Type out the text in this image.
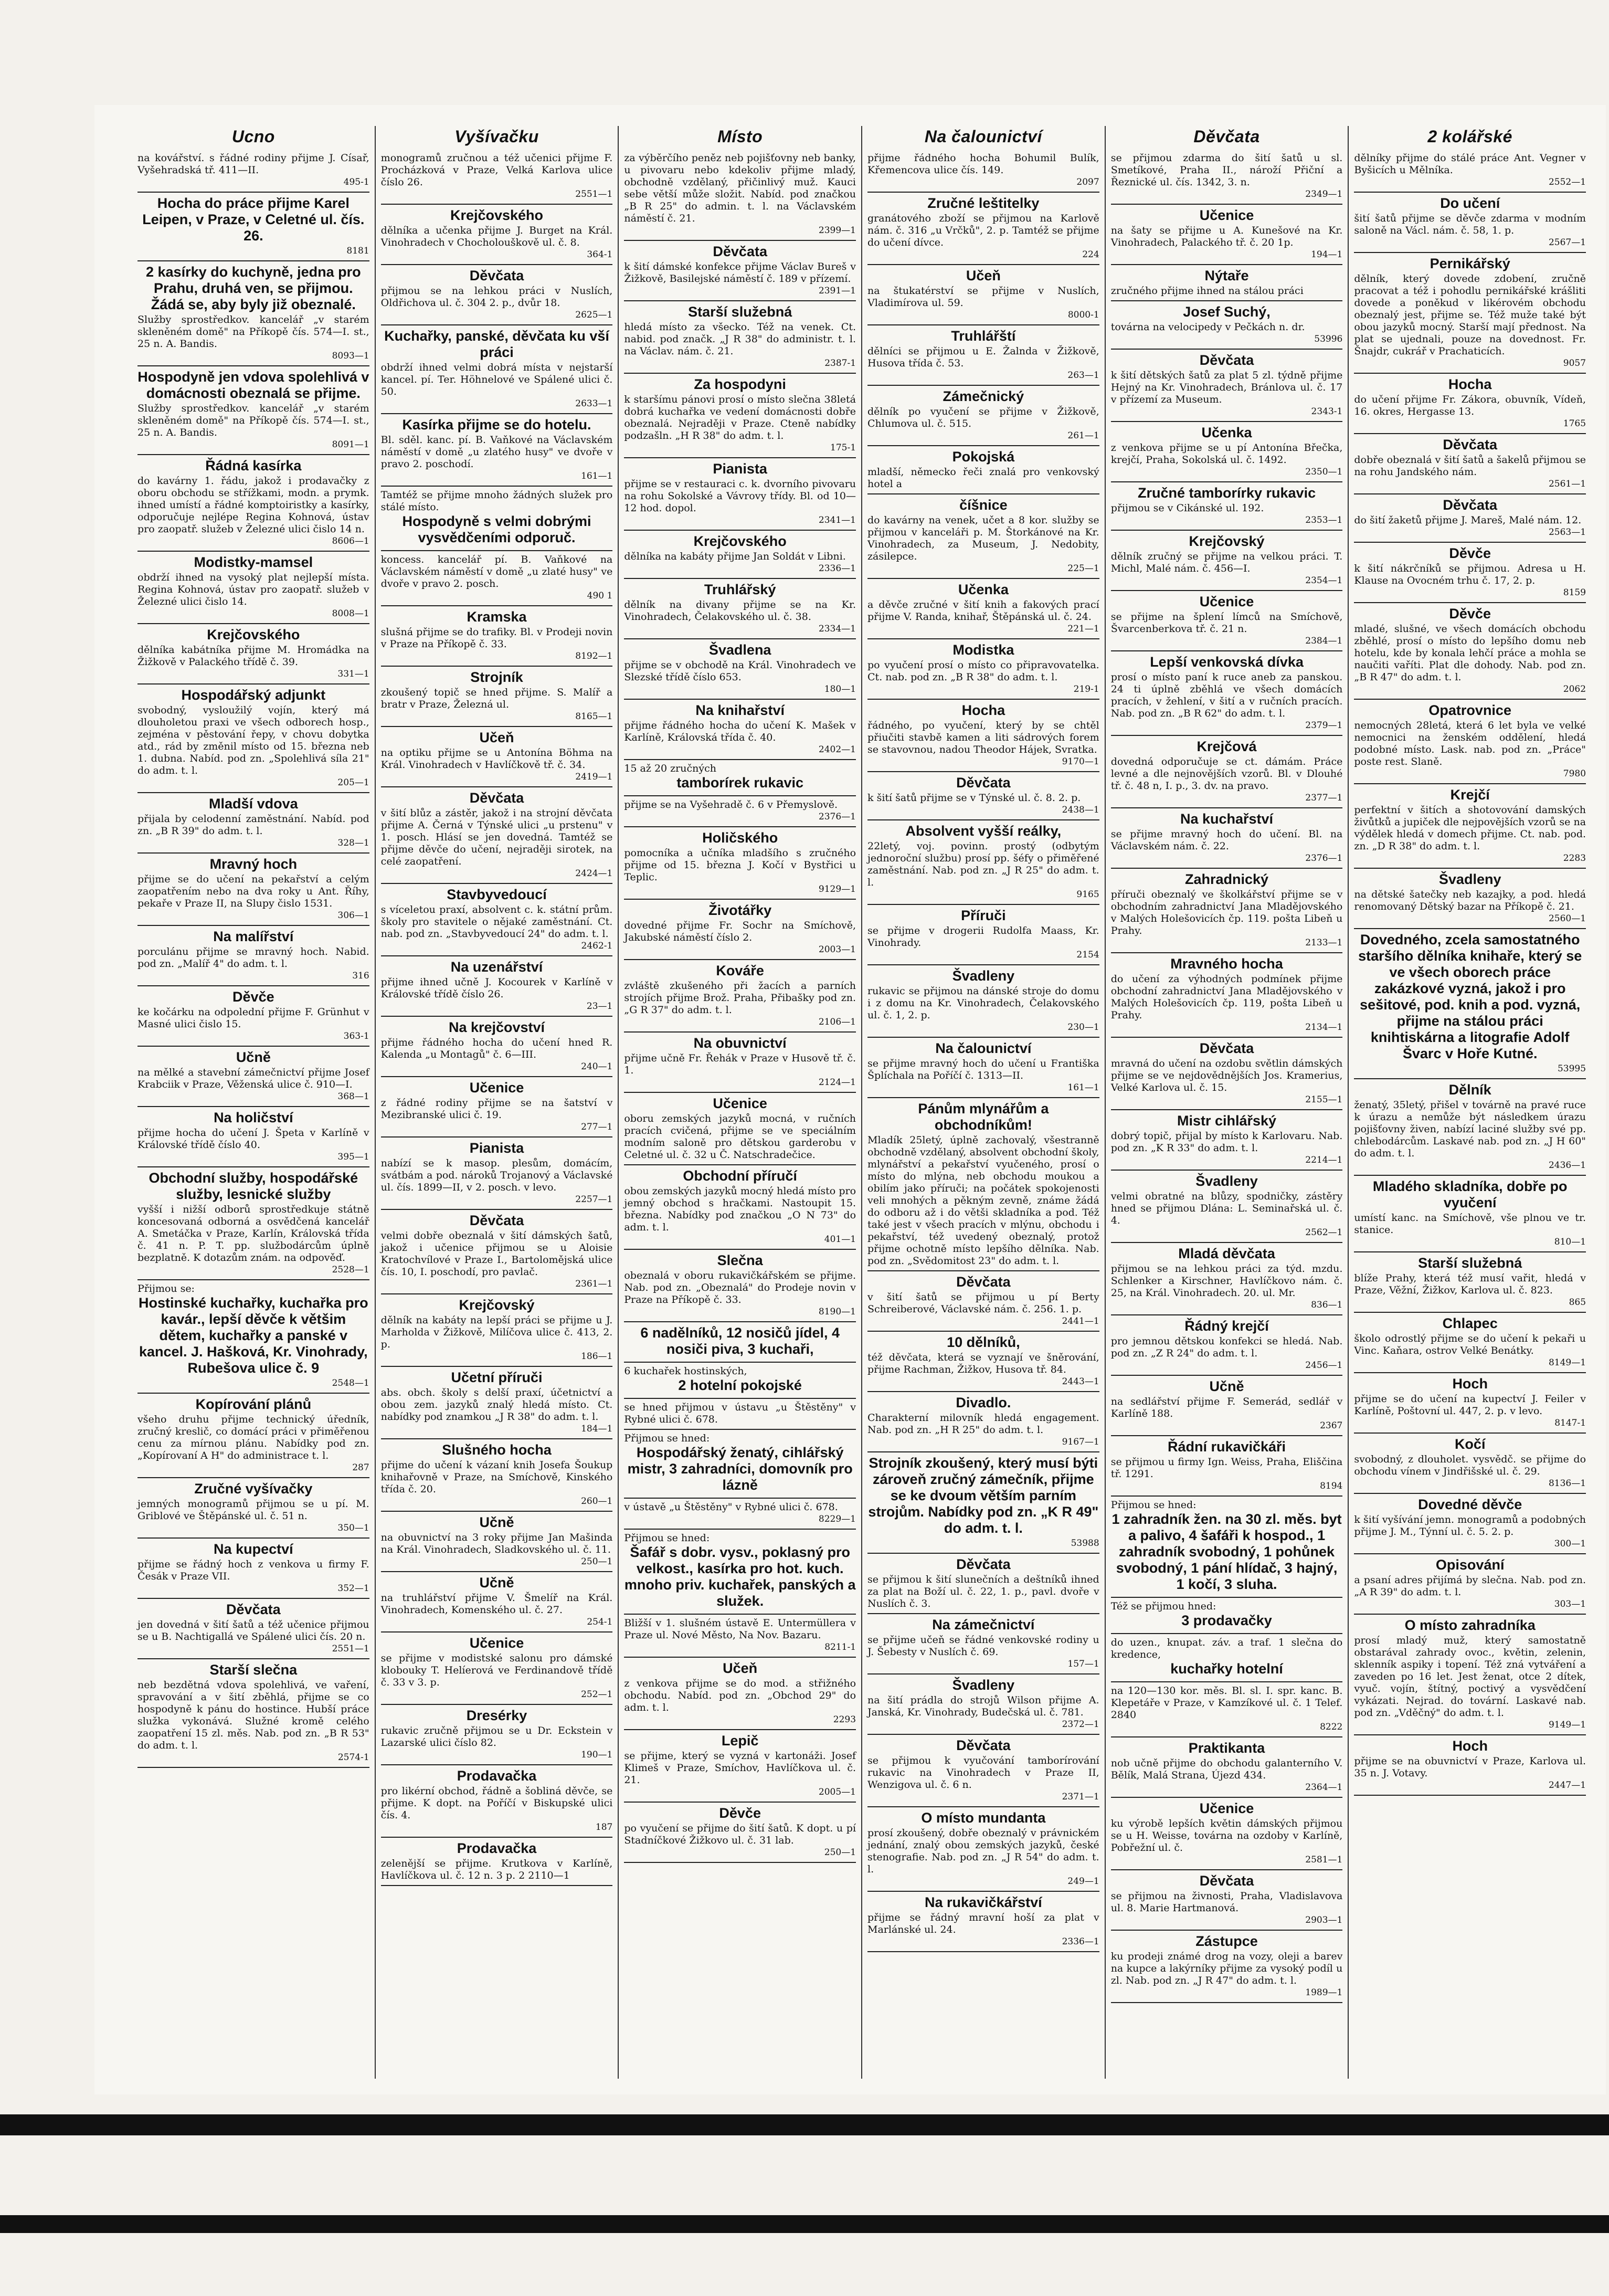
Ucno
na kovářství. s řádné rodiny přijme J. Císař, Vyšehradská tř. 411—II.
495-1
Hocha do práce přijme Karel Leipen, v Praze, v Celetné ul. čís. 26.
8181
2 kasírky do kuchyně, jedna pro Prahu, druhá ven, se přijmou. Žádá se, aby byly již obeznalé.
Služby sprostředkov. kancelář „v starém skleněném domě" na Příkopě čís. 574—I. st., 25 n. A. Bandis.
8093—1
Hospodyně jen vdova spolehlivá v domácnosti obeznalá se přijme.
Služby sprostředkov. kancelář „v starém skleněném domě" na Příkopě čís. 574—I. st., 25 n. A. Bandis.
8091—1
Řádná kasírka
do kavárny 1. řádu, jakož i prodavačky z oboru obchodu se střížkami, modn. a prymk. ihned umístí a řádné komptoiristky a kasírky, odporučuje nejlépe Regina Kohnová, ústav pro zaopatř. služeb v Železné ulici čislo 14 n.
8606—1
Modistky-mamsel
obdrží ihned na vysoký plat nejlepší místa. Regina Kohnová, ústav pro zaopatř. služeb v Železné ulici čislo 14.
8008—1
Krejčovského
dělníka kabátníka přijme M. Hromádka na Žižkově v Palackého třídě č. 39.
331—1
Hospodářský adjunkt
svobodný, vysloužilý vojín, který má dlouholetou praxi ve všech odborech hosp., zejména v pěstování řepy, v chovu dobytka atd., rád by změnil místo od 15. března neb 1. dubna. Nabíd. pod zn. „Spolehlivá síla 21" do adm. t. l.
205—1
Mladší vdova
přijala by celodenní zaměstnání. Nabíd. pod zn. „B R 39" do adm. t. l.
328—1
Mravný hoch
přijme se do učení na pekařství a celým zaopatřením nebo na dva roky u Ant. Říhy, pekaře v Praze II, na Slupy čislo 1531.
306—1
Na malířství
porculánu přijme se mravný hoch. Nabid. pod zn. „Malíř 4" do adm. t. l.
316
Děvče
ke kočárku na odpolední přijme F. Grünhut v Masné ulici čislo 15.
363-1
Učně
na mělké a stavební zámečnictví přijme Josef Krabciik v Praze, Věženská ulice č. 910—I.
368—1
Na holičství
přijme hocha do učení J. Špeta v Karlíně v Královské třídě číslo 40.
395—1
Obchodní služby, hospodářské služby, lesnické služby
vyšší i nižší odborů sprostředkuje státně koncesovaná odborná a osvědčená kancelář A. Smetáčka v Praze, Karlín, Královská třída č. 41 n. P. T. pp. službodárcům úplně bezplatně. K dotazům znám. na odpověď.
2528—1
Přijmou se:
Hostinské kuchařky, kuchařka pro kavár., lepší děvče k většim dětem, kuchařky a panské v kancel. J. Hašková, Kr. Vinohrady, Rubešova ulice č. 9
2548—1
Kopírování plánů
všeho druhu přijme technický úředník, zručný kreslič, co domácí práci v přiměřenou cenu za mírnou plánu. Nabídky pod zn. „Kopírovaní A H" do administrace t. l.
287
Zručné vyšívačky
jemných monogramů přijmou se u pí. M. Griblové ve Štěpánské ul. č. 51 n.
350—1
Na kupectví
přijme se řádný hoch z venkova u firmy F. Česák v Praze VII.
352—1
Děvčata
jen dovedná v šití šatů a též učenice přijmou se u B. Nachtigallá ve Spálené ulici čís. 20 n.
2551—1
Starší slečna
neb bezdětná vdova spolehlivá, ve vaření, spravování a v šití zběhlá, přijme se co hospodyně k pánu do hostince. Hubší práce služka vykonává. Služné kromě celého zaopatření 15 zl. měs. Nab. pod zn. „B R 53" do adm. t. l.
2574-1
Vyšívačku
monogramů zručnou a též učenici přijme F. Procházková v Praze, Velká Karlova ulice číslo 26.
2551—1
Krejčovského
dělníka a učenka přijme J. Burget na Král. Vinohradech v Chocholouškově ul. č. 8.
364-1
Děvčata
přijmou se na lehkou práci v Nuslích, Oldřichova ul. č. 304 2. p., dvůr 18.
2625—1
Kuchařky, panské, děvčata ku vší práci
obdrží ihned velmi dobrá místa v nejstarší kancel. pí. Ter. Höhnelové ve Spálené ulici č. 50.
2633—1
Kasírka přijme se do hotelu.
Bl. sděl. kanc. pí. B. Vaňkové na Václavském náměstí v domě „u zlatého husy" ve dvoře v pravo 2. poschodí.
161—1
Tamtéž se přijme mnoho žádných služek pro stálé místo.
Hospodyně s velmi dobrými vysvědčeními odporuč.
koncess. kancelář pí. B. Vaňkové na Václavském náměstí v domě „u zlaté husy" ve dvoře v pravo 2. posch.
490 1
Kramska
slušná přijme se do trafiky. Bl. v Prodeji novin v Praze na Příkopě č. 33.
8192—1
Strojník
zkoušený topič se hned přijme. S. Malíř a bratr v Praze, Železná ul.
8165—1
Učeň
na optiku přijme se u Antonína Böhma na Král. Vinohradech v Havlíčkově tř. č. 34.
2419—1
Děvčata
v šití blůz a zástěr, jakož i na strojní děvčata přijme A. Černá v Týnské ulici „u prstenu" v 1. posch. Hlásí se jen dovedná. Tamtéž se přijme děvče do učení, nejraději sirotek, na celé zaopatření.
2424—1
Stavbyvedoucí
s víceletou praxí, absolvent c. k. státní prům. školy pro stavitele o nějaké zaměstnání. Ct. nab. pod zn. „Stavbyvedoucí 24" do adm. t. l.
2462-1
Na uzenářství
přijme ihned učně J. Kocourek v Karlíně v Královské třídě číslo 26.
23—1
Na krejčovství
přijme řádného hocha do učení hned R. Kalenda „u Montagů" č. 6—III.
240—1
Učenice
z řádné rodiny přijme se na šatství v Mezibranské ulici č. 19.
277—1
Pianista
nabízí se k masop. plesům, domácím, svátbám a pod. nároků Trojanový a Václavské ul. čís. 1899—II, v 2. posch. v levo.
2257—1
Děvčata
velmi dobře obeznalá v šití dámských šatů, jakož i učenice přijmou se u Aloisie Kratochvílové v Praze I., Bartolomějská ulice čís. 10, I. poschodí, pro pavlač.
2361—1
Krejčovský
dělník na kabáty na lepší práci se přijme u J. Marholda v Žižkově, Milíčova ulice č. 413, 2. p.
186—1
Učetní příruči
abs. obch. školy s delší praxí, účetnictví a obou zem. jazyků znalý hledá místo. Ct. nabídky pod znamkou „J R 38" do adm. t. l.
184—1
Slušného hocha
přijme do učení k vázaní knih Josefa Šoukup knihařovně v Praze, na Smíchově, Kinského třída č. 20.
260—1
Učně
na obuvnictví na 3 roky přijme Jan Mašinda na Král. Vinohradech, Sladkovského ul. č. 11.
250—1
Učně
na truhlářství přijme V. Šmelíř na Král. Vinohradech, Komenského ul. č. 27.
254-1
Učenice
se přijme v modistské salonu pro dámské klobouky T. Helíerová ve Ferdinandově třídě č. 33 v 3. p.
252—1
Dresérky
rukavic zručně přijmou se u Dr. Eckstein v Lazarské ulici číslo 82.
190—1
Prodavačka
pro likérní obchod, řádně a šobliná děvče, se přijme. K dopt. na Poříčí v Biskupské ulici čís. 4.
187
Prodavačka
zelenější se přijme. Krutkova v Karlíně, Havlíčkova ul. č. 12 n. 3 p. 2 2110—1
Místo
za výběrčího peněz neb pojišťovny neb banky, u pivovaru nebo kdekoliv přijme mladý, obchodně vzdělaný, přičinlivý muž. Kauci sebe větší může složit. Nabíd. pod značkou „B R 25" do admin. t. l. na Václavském náměstí č. 21.
2399—1
Děvčata
k šití dámské konfekce přijme Václav Bureš v Žižkově, Basilejské náměstí č. 189 v přízemí.
2391—1
Starší služebná
hledá místo za všecko. Též na venek. Ct. nabid. pod značk. „J R 38" do administr. t. l. na Václav. nám. č. 21.
2387-1
Za hospodyni
k staršímu pánovi prosí o místo slečna 38letá dobrá kuchařka ve vedení domácnosti dobře obeznalá. Nejraději v Praze. Cteně nabídky podzašln. „H R 38" do adm. t. l.
175-1
Pianista
přijme se v restauraci c. k. dvorního pivovaru na rohu Sokolské a Vávrovy třídy. Bl. od 10—12 hod. dopol.
2341—1
Krejčovského
dělníka na kabáty přijme Jan Soldát v Libni.
2336—1
Truhlářský
dělník na divany přijme se na Kr. Vinohradech, Čelakovského ul. č. 38.
2334—1
Švadlena
přijme se v obchodě na Král. Vinohradech ve Slezské třídě číslo 653.
180—1
Na knihařství
přijme řádného hocha do učení K. Mašek v Karlíně, Královská třída č. 40.
2402—1
15 až 20 zručných
tamborírek rukavic
přijme se na Vyšehradě č. 6 v Přemyslově.
2376—1
Holičského
pomocníka a učníka mladšího s zručného přijme od 15. března J. Kočí v Bystřici u Teplic.
9129—1
Životářky
dovedné přijme Fr. Sochr na Smíchově, Jakubské náměstí číslo 2.
2003—1
Kováře
zvláště zkušeného při žacích a parních strojích přijme Brož. Praha, Přibašky pod zn. „G R 37" do adm. t. l.
2106—1
Na obuvnictví
přijme učně Fr. Řehák v Praze v Husově tř. č. 1.
2124—1
Učenice
oboru zemských jazyků mocná, v ručních pracích cvičená, přijme se ve speciálním modním saloně pro dětskou garderobu v Celetné ul. č. 32 u Č. Natschradečice.
Obchodní příručí
obou zemských jazyků mocný hledá místo pro jemný obchod s hračkami. Nastoupit 15. března. Nabídky pod značkou „O N 73" do adm. t. l.
401—1
Slečna
obeznalá v oboru rukavičkářském se přijme. Nab. pod zn. „Obeznalá" do Prodeje novin v Praze na Příkopě č. 33.
8190—1
6 nadělníků, 12 nosičů jídel, 4 nosiči piva, 3 kuchaři,
6 kuchařek hostinských,
2 hotelní pokojské
se hned přijmou v ústavu „u Štěstěny" v Rybné ulici č. 678.
Přijmou se hned:
Hospodářský ženatý, cihlářský mistr, 3 zahradníci, domovník pro lázně
v ústavě „u Štěstěny" v Rybné ulici č. 678.
8229—1
Přijmou se hned:
Šafář s dobr. vysv., poklasný pro velkost., kasírka pro hot. kuch. mnoho priv. kuchařek, panských a služek.
Bližší v 1. slušném ústavě E. Untermüllera v Praze ul. Nové Město, Na Nov. Bazaru.
8211-1
Učeň
z venkova přijme se do mod. a střižného obchodu. Nabíd. pod zn. „Obchod 29" do adm. t. l.
2293
Lepič
se přijme, který se vyzná v kartonáži. Josef Klimeš v Praze, Smíchov, Havlíčkova ul. č. 21.
2005—1
Děvče
po vyučení se přijme do šití šatů. K dopt. u pí Stadníčkové Žižkovo ul. č. 31 lab.
250—1
Na čalounictví
přijme řádného hocha Bohumil Bulík, Křemencova ulice čís. 149.
2097
Zručné leštitelky
granátového zboží se přijmou na Karlově nám. č. 316 „u Vrčků", 2. p. Tamtéž se přijme do učení dívce.
224
Učeň
na štukatérství se přijme v Nuslích, Vladimírova ul. 59.
8000-1
Truhlářští
dělníci se přijmou u E. Žalnda v Žižkově, Husova třída č. 53.
263—1
Zámečnický
dělník po vyučení se přijme v Žižkově, Chlumova ul. č. 515.
261—1
Pokojská
mladší, německo řeči znalá pro venkovský hotel a
číšnice
do kavárny na venek, učet a 8 kor. služby se přijmou v kanceláři p. M. Štorkánové na Kr. Vinohradech, za Museum, J. Nedobity, zásilepce.
225—1
Učenka
a děvče zručné v šití knih a fakových prací přijme V. Randa, knihař, Štěpánská ul. č. 24.
221—1
Modistka
po vyučení prosí o místo co připravovatelka. Ct. nab. pod zn. „B R 38" do adm. t. l.
219-1
Hocha
řádného, po vyučení, který by se chtěl přiučiti stavbě kamen a liti sádrových forem se stavovnou, nadou Theodor Hájek, Svratka.
9170—1
Děvčata
k šití šatů přijme se v Týnské ul. č. 8. 2. p.
2438—1
Absolvent vyšší reálky,
22letý, voj. povinn. prostý (odbytým jednoroční službu) prosí pp. šéfy o přiměřené zaměstnání. Nab. pod zn. „J R 25" do adm. t. l.
9165
Příruči
se přijme v drogerii Rudolfa Maass, Kr. Vinohrady.
2154
Švadleny
rukavic se přijmou na dánské stroje do domu i z domu na Kr. Vinohradech, Čelakovského ul. č. 1, 2. p.
230—1
Na čalounictví
se přijme mravný hoch do učení u Františka Šplíchala na Poříčí č. 1313—II.
161—1
Pánům mlynářům a obchodníkům!
Mladík 25letý, úplně zachovalý, všestranně obchodně vzdělaný, absolvent obchodní školy, mlynářství a pekařství vyučeného, prosí o místo do mlýna, neb obchodu moukou a obilím jako příruči; na počátek spokojenosti veli mnohých a pěkným zevně, známe žádá do odboru až i do větši skladníka a pod. Též také jest v všech pracích v mlýnu, obchodu i pekařství, též uvedený obeznalý, protož přijme ochotně místo lepšího dělníka. Nab. pod zn. „Svědomitost 23" do adm. t. l.
Děvčata
v šití šatů se přijmou u pí Berty Schreiberové, Václavské nám. č. 256. 1. p.
2441—1
10 dělníků,
též děvčata, která se vyznají ve šněrování, přijme Rachman, Žižkov, Husova tř. 84.
2443—1
Divadlo.
Charakterní milovník hledá engagement. Nab. pod zn. „H R 25" do adm. t. l.
9167—1
Strojník zkoušený, který musí býti zároveň zručný zámečník, přijme se ke dvoum větším parním strojům. Nabídky pod zn. „K R 49" do adm. t. l.
53988
Děvčata
se přijmou k šití slunečních a deštníků ihned za plat na Boží ul. č. 22, 1. p., pavl. dvoře v Nuslích č. 3.
Na zámečnictví
se přijme učeň se řádné venkovské rodiny u J. Šebesty v Nuslích č. 69.
157—1
Švadleny
na šití prádla do strojů Wilson přijme A. Janská, Kr. Vinohrady, Budečská ul. č. 781.
2372—1
Děvčata
se přijmou k vyučování tamborírování rukavic na Vinohradech v Praze II, Wenzigova ul. č. 6 n.
2371—1
O místo mundanta
prosí zkoušený, dobře obeznalý v právnickém jednání, znalý obou zemských jazyků, české stenografie. Nab. pod zn. „J R 54" do adm. t. l.
249—1
Na rukavičkářství
přijme se řádný mravní hoší za plat v Marlánské ul. 24.
2336—1
Děvčata
se přijmou zdarma do šití šatů u sl. Smetíkové, Praha II., nároží Přiční a Řeznické ul. čís. 1342, 3. n.
2349—1
Učenice
na šaty se přijme u A. Kunešové na Kr. Vinohradech, Palackého tř. č. 20 1p.
194—1
Nýtaře
zručného přijme ihned na stálou práci
Josef Suchý,
továrna na velocipedy v Pečkách n. dr.
53996
Děvčata
k šití dětských šatů za plat 5 zl. týdně přijme Hejný na Kr. Vinohradech, Bránlova ul. č. 17 v přízemí za Museum.
2343-1
Učenka
z venkova přijme se u pí Antonína Břečka, krejčí, Praha, Sokolská ul. č. 1492.
2350—1
Zručné tamborírky rukavic
přijmou se v Cikánské ul. 192.
2353—1
Krejčovský
dělník zručný se přijme na velkou práci. T. Michl, Malé nám. č. 456—I.
2354—1
Učenice
se přijme na šplení límců na Smíchově, Švarcenberkova tř. č. 21 n.
2384—1
Lepší venkovská dívka
prosí o místo paní k ruce aneb za panskou. 24 ti úplně zběhlá ve všech domácích pracích, v žehlení, v šití a v ručních pracích. Nab. pod zn. „B R 62" do adm. t. l.
2379—1
Krejčová
dovedná odporučuje se ct. dámám. Práce levné a dle nejnovějších vzorů. Bl. v Dlouhé tř. č. 48 n, I. p., 3. dv. na pravo.
2377—1
Na kuchařství
se přijme mravný hoch do učení. Bl. na Václavském nám. č. 22.
2376—1
Zahradnický
příruči obeznalý ve školkářství přijme se v obchodním zahradnictví Jana Mladějovského v Malých Holešovicích čp. 119. pošta Libeň u Prahy.
2133—1
Mravného hocha
do učení za výhodných podmínek přijme obchodní zahradnictví Jana Mladějovského v Malých Holešovicích čp. 119, pošta Libeň u Prahy.
2134—1
Děvčata
mravná do učení na ozdobu světlin dámských přijme se ve nejdovědnějších Jos. Kramerius, Velké Karlova ul. č. 15.
2155—1
Mistr cihlářský
dobrý topič, přijal by místo k Karlovaru. Nab. pod zn. „K R 33" do adm. t. l.
2214—1
Švadleny
velmi obratné na blůzy, spodničky, zástěry hned se přijmou Dlána: L. Seminařská ul. č. 4.
2562—1
Mladá děvčata
přijmou se na lehkou práci za týd. mzdu. Schlenker a Kirschner, Havlíčkovo nám. č. 25, na Král. Vinohradech. 20. ul. Mr.
836—1
Řádný krejčí
pro jemnou dětskou konfekci se hledá. Nab. pod zn. „Z R 24" do adm. t. l.
2456—1
Učně
na sedlářství přijme F. Semerád, sedlář v Karlíně 188.
2367
Řádní rukavičkáři
se přijmou u firmy Ign. Weiss, Praha, Eliščina tř. 1291.
8194
Přijmou se hned:
1 zahradník žen. na 30 zl. měs. byt a palivo, 4 šafáři k hospod., 1 zahradník svobodný, 1 pohůnek svobodný, 1 pání hlídač, 3 hajný, 1 kočí, 3 sluha.
Též se přijmou hned:
3 prodavačky
do uzen., knupat. záv. a traf. 1 slečna do kredence,
kuchařky hotelní
na 120—130 kor. měs. Bl. sl. I. spr. kanc. B. Klepetáře v Praze, v Kamzíkové ul. č. 1 Telef. 2840
8222
Praktikanta
nob učně přijme do obchodu galanterního V. Bělík, Malá Strana, Újezd 434.
2364—1
Učenice
ku výrobě lepších květin dámských přijmou se u H. Weisse, továrna na ozdoby v Karlíně, Pobřežní ul. č.
2581—1
Děvčata
se přijmou na živnosti, Praha, Vladislavova ul. 8. Marie Hartmanová.
2903—1
Zástupce
ku prodeji známé drog na vozy, oleji a barev na kupce a lakýrníky přijme za vysoký podíl u zl. Nab. pod zn. „J R 47" do adm. t. l.
1989—1
2 kolářské
dělníky přijme do stálé práce Ant. Vegner v Byšicích u Mělníka.
2552—1
Do učení
šití šatů přijme se děvče zdarma v modním saloně na Václ. nám. č. 58, 1. p.
2567—1
Pernikářský
dělník, který dovede zdobení, zručně pracovat a též i pohodlu pernikářské krášliti dovede a poněkud v likérovém obchodu obeznalý jest, přijme se. Též muže také být obou jazyků mocný. Starší mají přednost. Na plat se ujednali, pouze na dovednost. Fr. Šnajdr, cukrář v Prachaticích.
9057
Hocha
do učení přijme Fr. Zákora, obuvník, Vídeň, 16. okres, Hergasse 13.
1765
Děvčata
dobře obeznalá v šití šatů a šakelů přijmou se na rohu Jandského nám.
2561—1
Děvčata
do šití žaketů přijme J. Mareš, Malé nám. 12.
2563—1
Děvče
k šití nákrčníků se přijmou. Adresa u H. Klause na Ovocném trhu č. 17, 2. p.
8159
Děvče
mladé, slušné, ve všech domácích obchodu zběhlé, prosí o místo do lepšího domu neb hotelu, kde by konala lehčí práce a mohla se naučiti vaříti. Plat dle dohody. Nab. pod zn. „B R 47" do adm. t. l.
2062
Opatrovnice
nemocných 28letá, která 6 let byla ve velké nemocnici na ženském oddělení, hledá podobné místo. Lask. nab. pod zn. „Práce" poste rest. Slaně.
7980
Krejčí
perfektní v šitích a shotovování damských živůtků a jupiček dle nejpovějších vzorů se na výdělek hledá v domech přijme. Ct. nab. pod. zn. „D R 38" do adm. t. l.
2283
Švadleny
na dětské šatečky neb kazajky, a pod. hledá renomovaný Dětský bazar na Příkopě č. 21.
2560—1
Dovedného, zcela samostatného staršího dělníka knihaře, který se ve všech oborech práce zakázkové vyzná, jakož i pro sešitové, pod. knih a pod. vyzná, přijme na stálou práci knihtiskárna a litografie Adolf Švarc v Hoře Kutné.
53995
Dělník
ženatý, 35letý, přišel v továrně na pravé ruce k úrazu a nemůže být následkem úrazu pojišťovny živen, nabízí laciné služby své pp. chlebodárcům. Laskavé nab. pod zn. „J H 60" do adm. t. l.
2436—1
Mladého skladníka, dobře po vyučení
umístí kanc. na Smíchově, vše plnou ve tr. stanice.
810—1
Starší služebná
blíže Prahy, která též musí vařit, hledá v Praze, Věžní, Žižkov, Karlova ul. č. 823.
865
Chlapec
školo odrostlý přijme se do učení k pekaři u Vinc. Kaňara, ostrov Velké Benátky.
8149—1
Hoch
přijme se do učení na kupectví J. Feiler v Karlíně, Poštovní ul. 447, 2. p. v levo.
8147-1
Kočí
svobodný, z dlouholet. vysvědč. se přijme do obchodu vínem v Jindřišské ul. č. 29.
8136—1
Dovedné děvče
k šití vyšívání jemn. monogramů a podobných přijme J. M., Týnní ul. č. 5. 2. p.
300—1
Opisování
a psaní adres přijímá by slečna. Nab. pod zn. „A R 39" do adm. t. l.
303—1
O místo zahradníka
prosí mladý muž, který samostatně obstarával zahrady ovoc., květin, zelenin, sklenník aspiky i topení. Též zná vytváření a zaveden po 16 let. Jest ženat, otce 2 dítek, vyuč. vojín, štítný, poctivý a vysvědčení vykázati. Nejrad. do tovární. Laskavé nab. pod zn. „Vděčný" do adm. t. l.
9149—1
Hoch
přijme se na obuvnictví v Praze, Karlova ul. 35 n. J. Votavy.
2447—1
